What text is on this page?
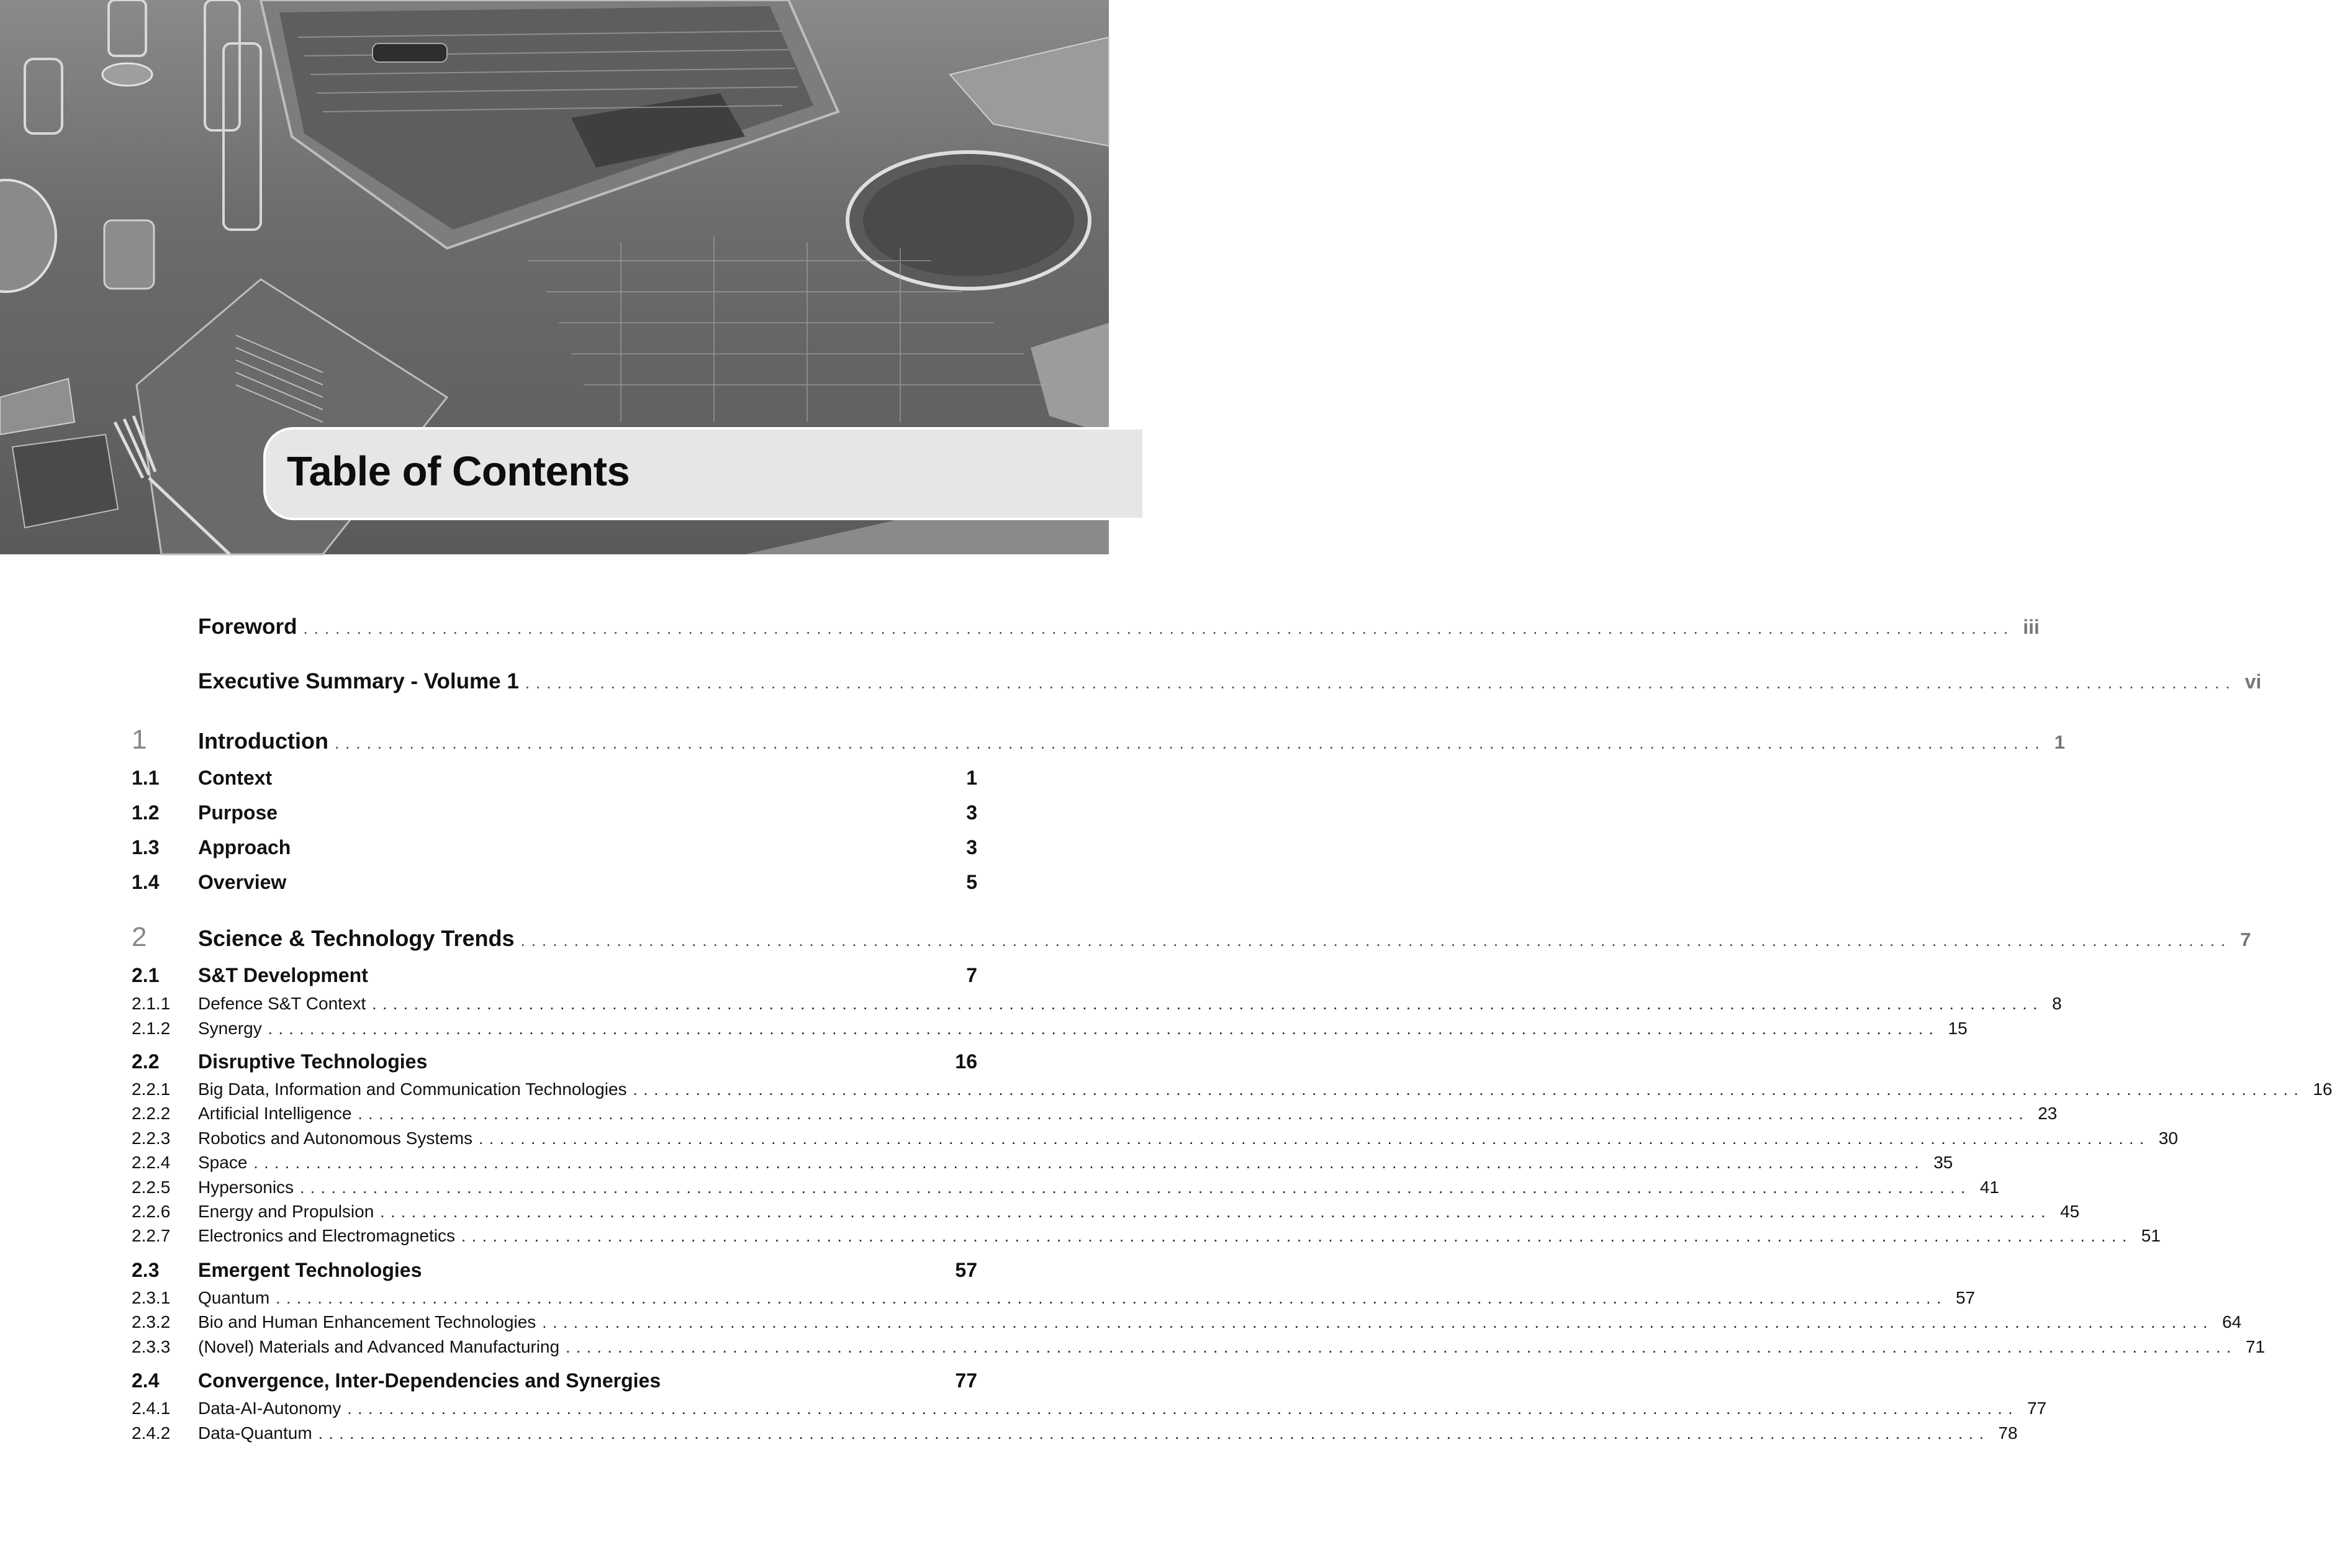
Table of Contents
Foreword ................................................................................................................................................................ iii
Executive Summary - Volume 1 ................................................................................................................................................................ vi
1	Introduction ................................................................................................................................................................ 1
1.1	Context	1
1.2	Purpose	3
1.3	Approach	3
1.4	Overview	5
2	Science & Technology Trends ................................................................................................................................................................ 7
2.1	S&T Development	7
2.1.1	Defence S&T Context ................................................................................................................................................................ 8
2.1.2	Synergy ................................................................................................................................................................ 15
2.2	Disruptive Technologies	16
2.2.1	Big Data, Information and Communication Technologies ................................................................................................................................................................ 16
2.2.2	Artificial Intelligence ................................................................................................................................................................ 23
2.2.3	Robotics and Autonomous Systems ................................................................................................................................................................ 30
2.2.4	Space ................................................................................................................................................................ 35
2.2.5	Hypersonics ................................................................................................................................................................ 41
2.2.6	Energy and Propulsion ................................................................................................................................................................ 45
2.2.7	Electronics and Electromagnetics ................................................................................................................................................................ 51
2.3	Emergent Technologies	57
2.3.1	Quantum ................................................................................................................................................................ 57
2.3.2	Bio and Human Enhancement Technologies ................................................................................................................................................................ 64
2.3.3	(Novel) Materials and Advanced Manufacturing ................................................................................................................................................................ 71
2.4	Convergence, Inter-Dependencies and Synergies	77
2.4.1	Data-AI-Autonomy ................................................................................................................................................................ 77
2.4.2	Data-Quantum ................................................................................................................................................................ 78
